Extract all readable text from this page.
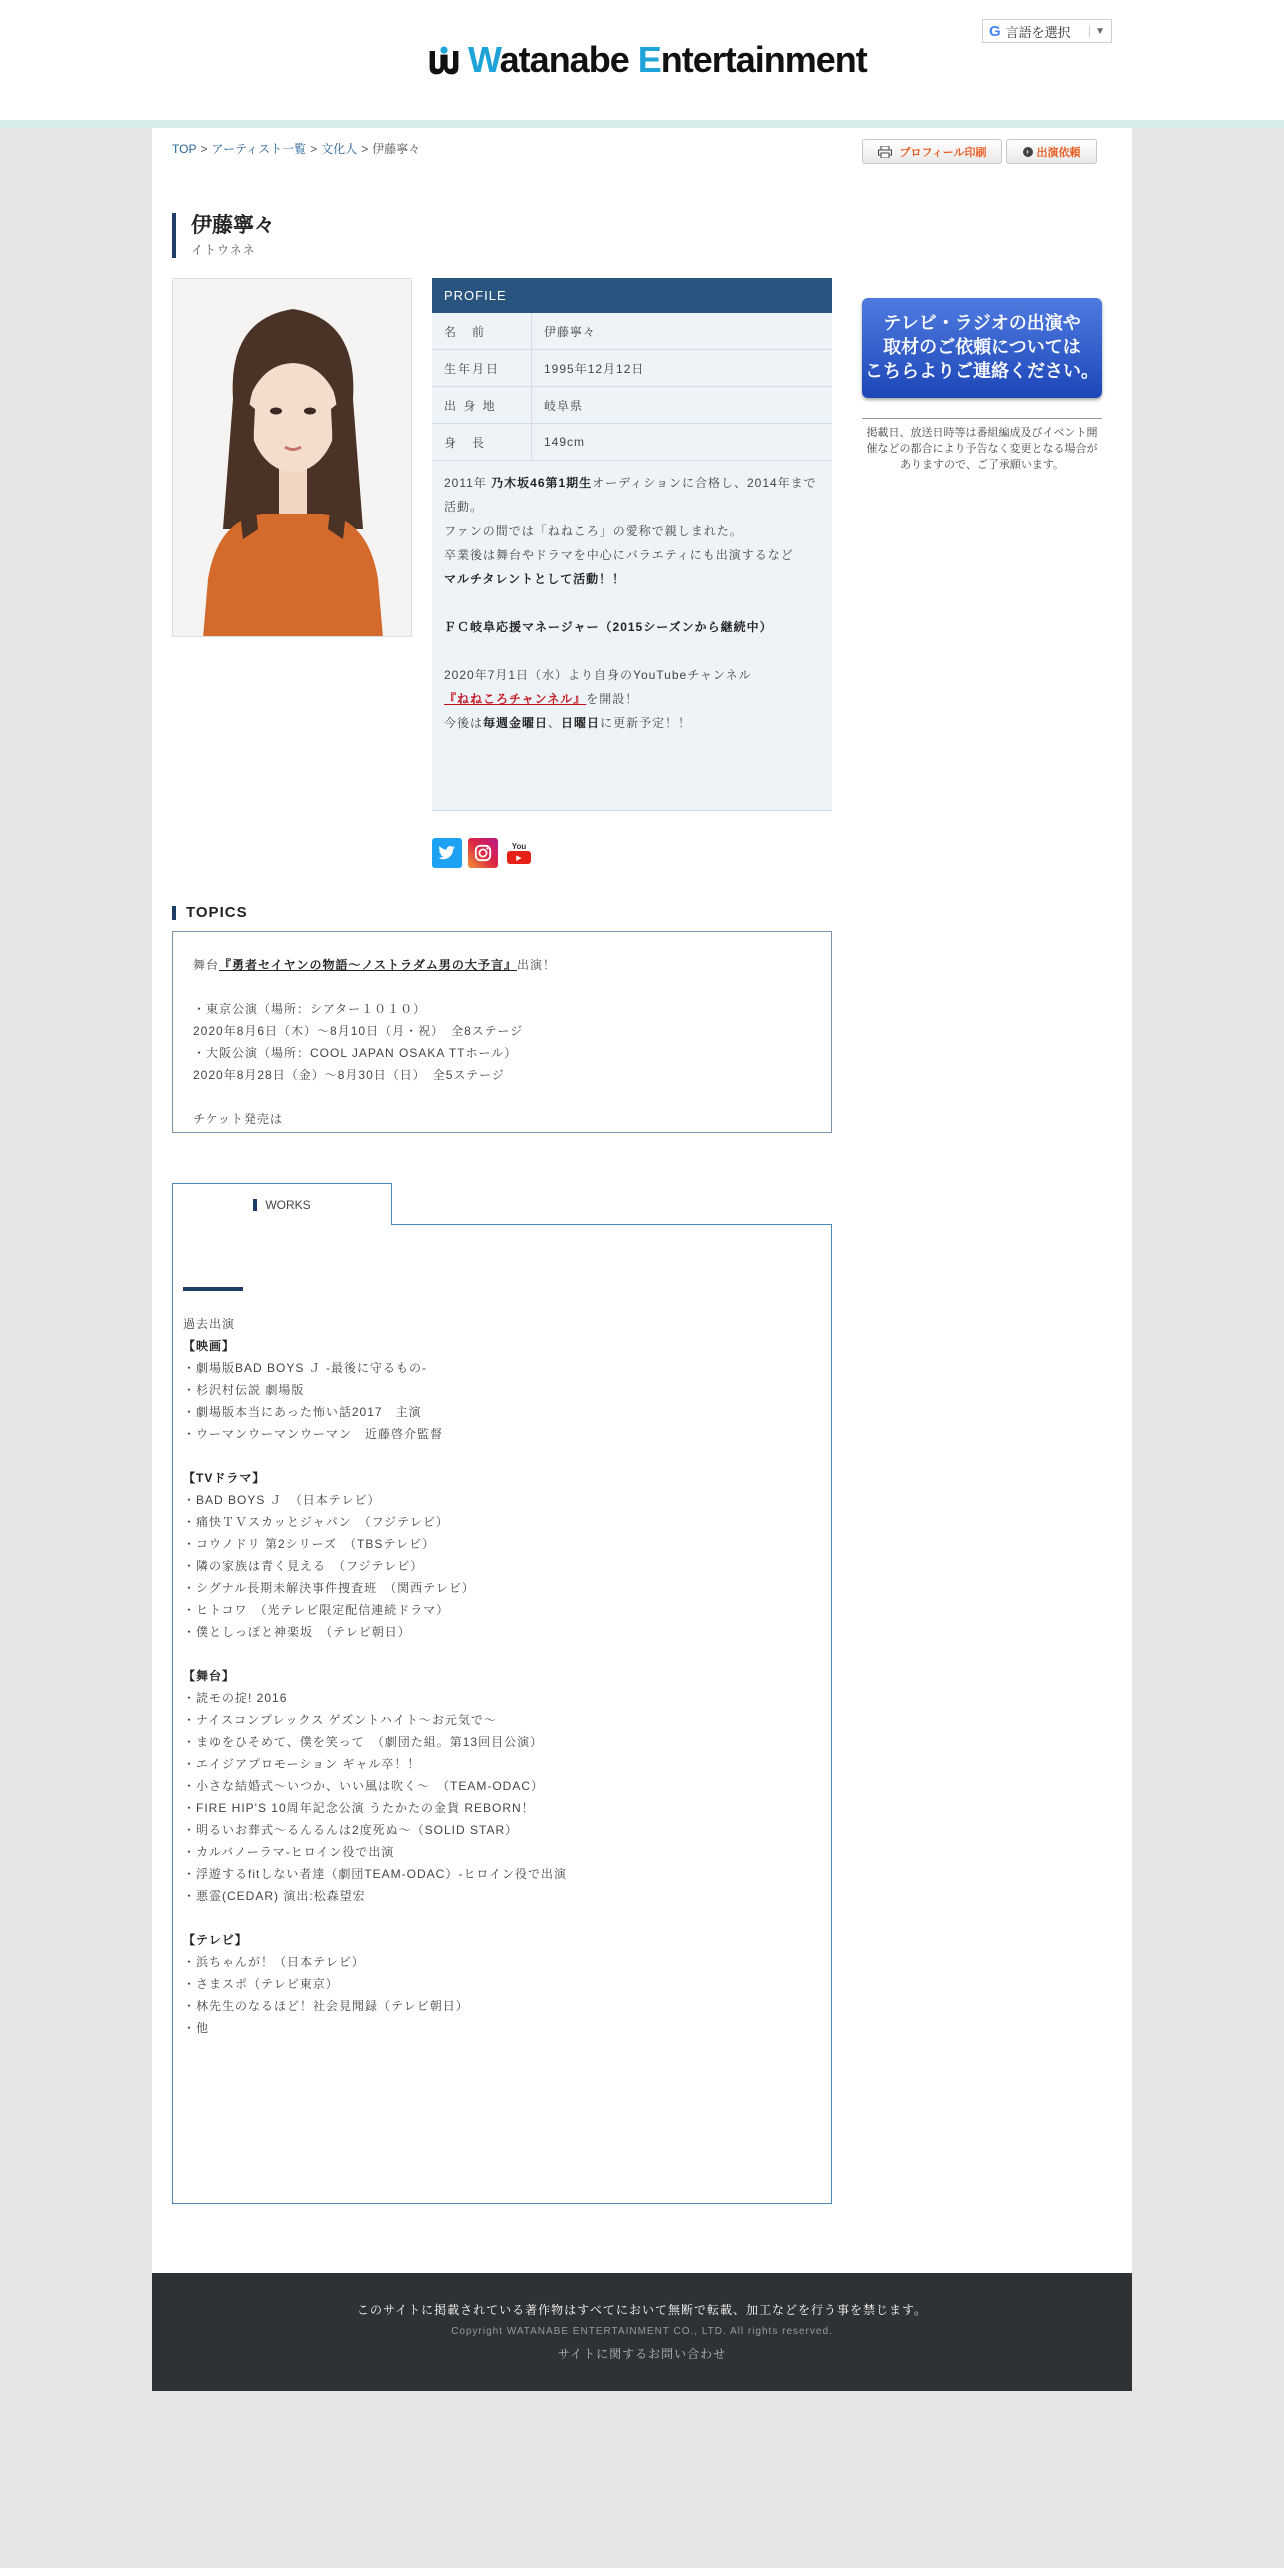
Watanabe Entertainment
G 言語を選択	▼
TOP > アーティスト一覧 > 文化人 > 伊藤寧々	プロフィール印刷	› 出演依頼
伊藤寧々
イトウネネ
PROFILE
名　前	伊藤寧々
生年月日	1995年12月12日
出 身 地	岐阜県
身　長	149cm
2011年 乃木坂46第1期生オーディションに合格し、2014年まで活動。
ファンの間では「ねねころ」の愛称で親しまれた。
卒業後は舞台やドラマを中心にバラエティにも出演するなど
マルチタレントとして活動！！

ＦＣ岐阜応援マネージャー（2015シーズンから継続中）

2020年7月1日（水）より自身のYouTubeチャンネル
『ねねころチャンネル』を開設！
今後は毎週金曜日、日曜日に更新予定！！
You
▶
テレビ・ラジオの出演や
取材のご依頼については
こちらよりご連絡ください。
掲載日、放送日時等は番組編成及びイベント開催などの都合により予告なく変更となる場合がありますので、ご了承願います。
TOPICS
舞台『勇者セイヤンの物語～ノストラダム男の大予言』出演！

・東京公演（場所：シアター１０１０）
2020年8月6日（木）～8月10日（月・祝）　全8ステージ
・大阪公演（場所：COOL JAPAN OSAKA TTホール）
2020年8月28日（金）～8月30日（日）　全5ステージ

チケット発売は
WORKS
過去出演
【映画】
・劇場版BAD BOYS Ｊ -最後に守るもの-
・杉沢村伝説 劇場版
・劇場版本当にあった怖い話2017　主演
・ウーマンウーマンウーマン　近藤啓介監督

【TVドラマ】
・BAD BOYS Ｊ　（日本テレビ）
・痛快ＴＶスカッとジャパン　（フジテレビ）
・コウノドリ 第2シリーズ　（TBSテレビ）
・隣の家族は青く見える　（フジテレビ）
・シグナル長期未解決事件捜査班　（関西テレビ）
・ヒトコワ　（光テレビ限定配信連続ドラマ）
・僕としっぽと神楽坂　（テレビ朝日）

【舞台】
・読モの掟! 2016
・ナイスコンプレックス ゲズントハイト～お元気で～
・まゆをひそめて、僕を笑って　（劇団た組。第13回目公演）
・エイジアプロモーション ギャル卒！！
・小さな結婚式～いつか、いい風は吹く～　（TEAM-ODAC）
・FIRE HIP'S 10周年記念公演 うたかたの金貨 REBORN！
・明るいお葬式～るんるんは2度死ぬ～（SOLID STAR）
・カルバノーラマ-ヒロイン役で出演
・浮遊するfitしない者達（劇団TEAM-ODAC）-ヒロイン役で出演
・悪霊(CEDAR) 演出:松森望宏

【テレビ】
・浜ちゃんが！（日本テレビ）
・さまスポ（テレビ東京）
・林先生のなるほど！社会見聞録（テレビ朝日）
・他
このサイトに掲載されている著作物はすべてにおいて無断で転載、加工などを行う事を禁じます。
Copyright WATANABE ENTERTAINMENT CO., LTD. All rights reserved.
サイトに関するお問い合わせ
